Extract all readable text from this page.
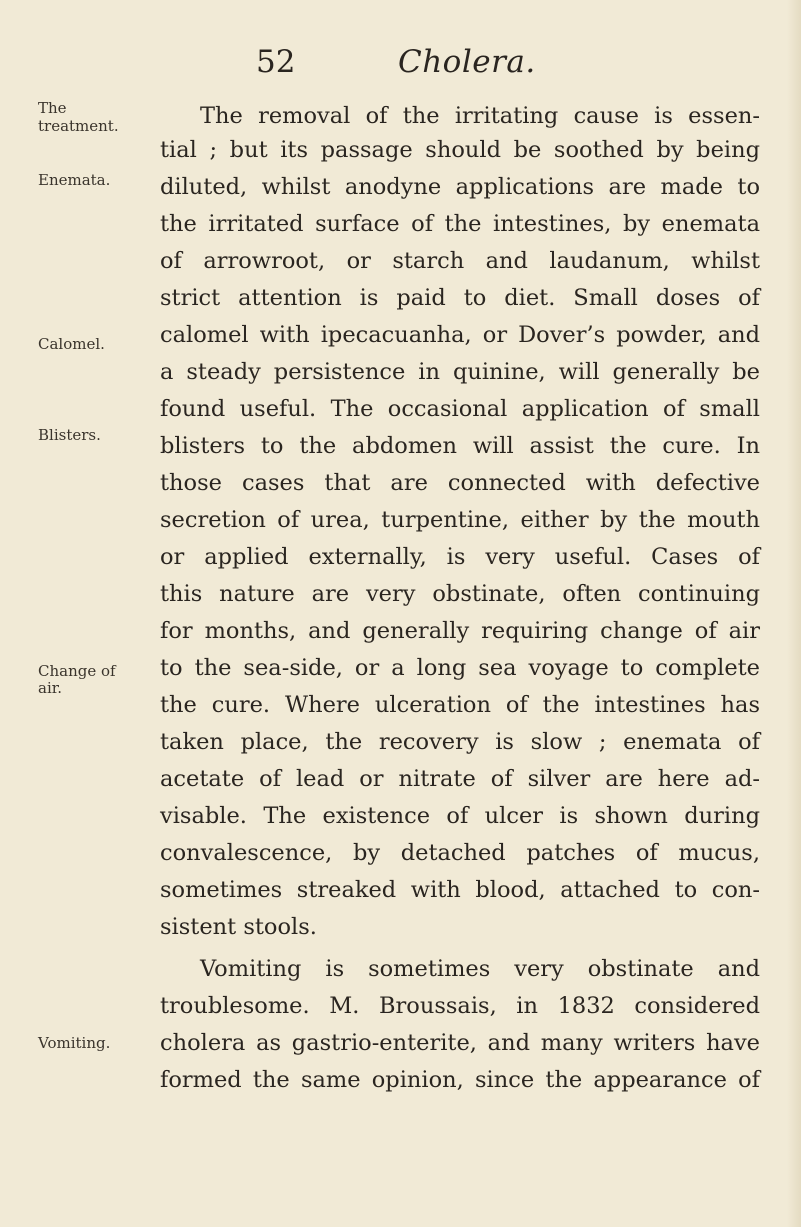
52	Cholera.
The
treatment.
Enemata.
Calomel.
Blisters.
Change of
air.
Vomiting.
The removal of the irritating cause is essen-
tial ; but its passage should be soothed by being
diluted, whilst anodyne applications are made to
the irritated surface of the intestines, by enemata
of arrowroot, or starch and laudanum, whilst
strict attention is paid to diet. Small doses of
calomel with ipecacuanha, or Dover’s powder, and
a steady persistence in quinine, will generally be
found useful. The occasional application of small
blisters to the abdomen will assist the cure. In
those cases that are connected with defective
secretion of urea, turpentine, either by the mouth
or applied externally, is very useful. Cases of
this nature are very obstinate, often continuing
for months, and generally requiring change of air
to the sea-side, or a long sea voyage to complete
the cure. Where ulceration of the intestines has
taken place, the recovery is slow ; enemata of
acetate of lead or nitrate of silver are here ad-
visable. The existence of ulcer is shown during
convalescence, by detached patches of mucus,
sometimes streaked with blood, attached to con-
sistent stools.
Vomiting is sometimes very obstinate and
troublesome. M. Broussais, in 1832 considered
cholera as gastrio-enterite, and many writers have
formed the same opinion, since the appearance of
